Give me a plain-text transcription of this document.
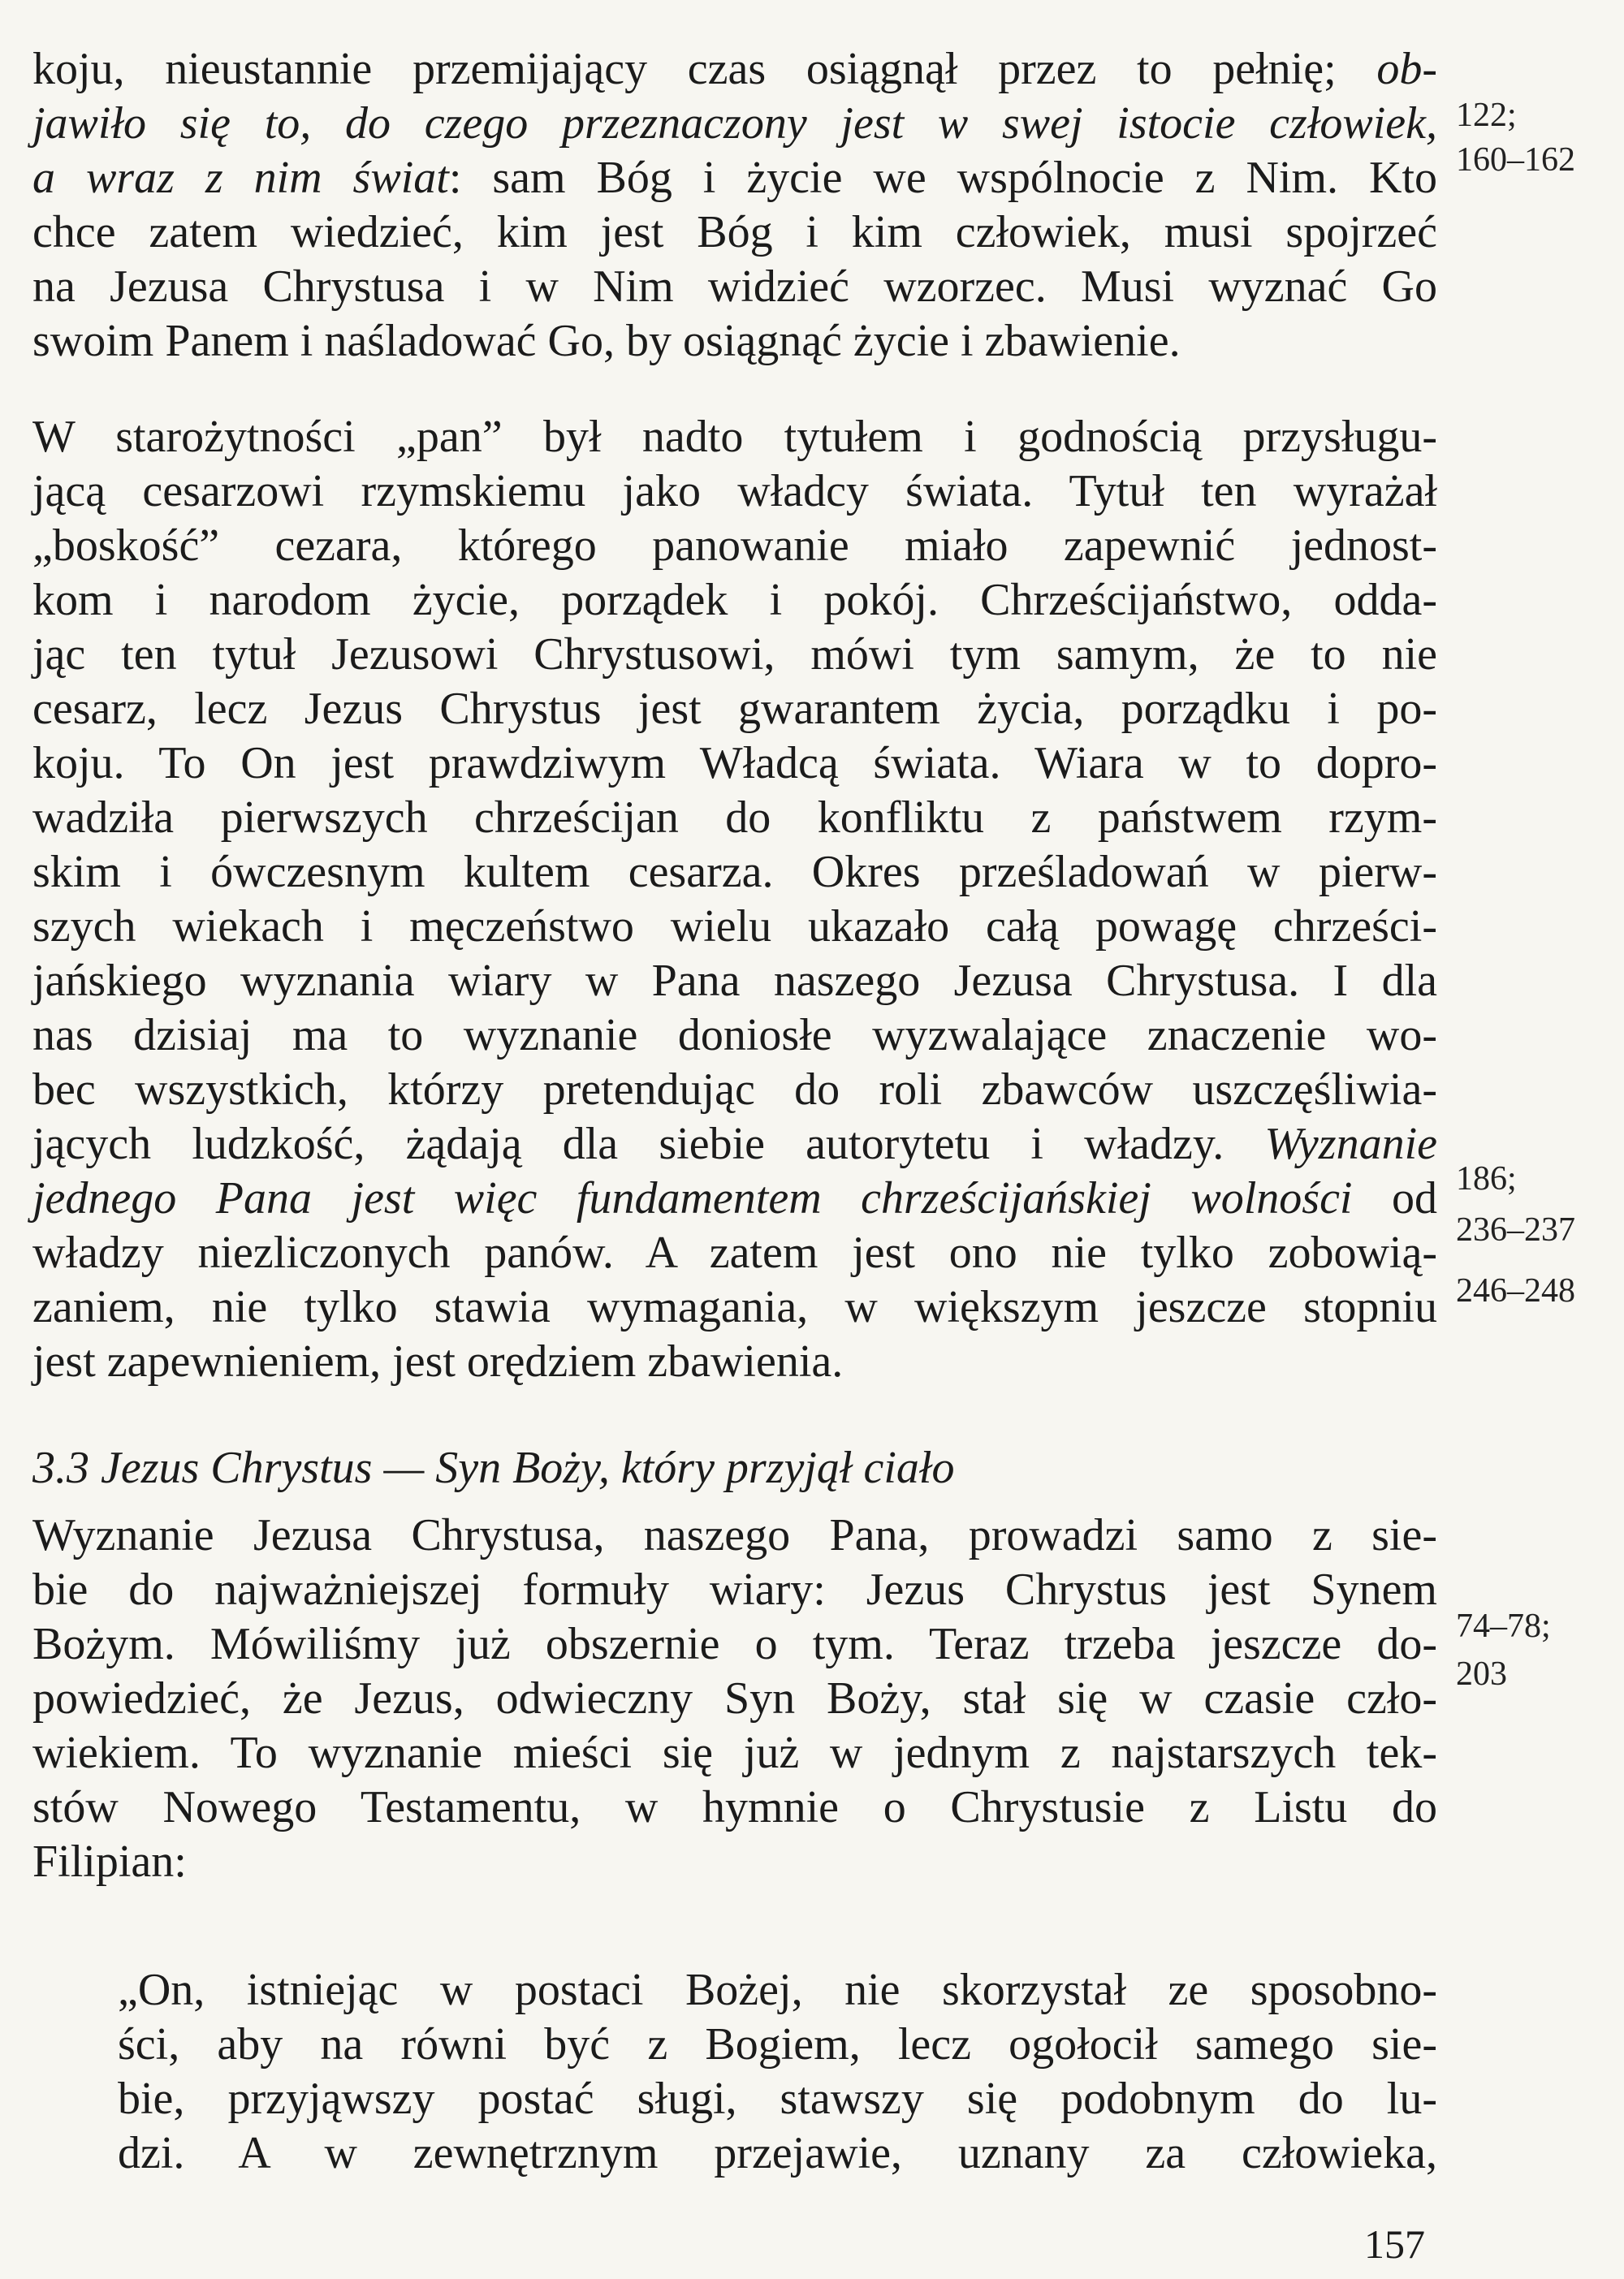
koju, nieustannie przemijający czas osiągnął przez to pełnię; ob-
jawiło się to, do czego przeznaczony jest w swej istocie człowiek,
a wraz z nim świat: sam Bóg i życie we wspólnocie z Nim. Kto
chce zatem wiedzieć, kim jest Bóg i kim człowiek, musi spojrzeć
na Jezusa Chrystusa i w Nim widzieć wzorzec. Musi wyznać Go
swoim Panem i naśladować Go, by osiągnąć życie i zbawienie.
W starożytności „pan” był nadto tytułem i godnością przysługu-
jącą cesarzowi rzymskiemu jako władcy świata. Tytuł ten wyrażał
„boskość” cezara, którego panowanie miało zapewnić jednost-
kom i narodom życie, porządek i pokój. Chrześcijaństwo, odda-
jąc ten tytuł Jezusowi Chrystusowi, mówi tym samym, że to nie
cesarz, lecz Jezus Chrystus jest gwarantem życia, porządku i po-
koju. To On jest prawdziwym Władcą świata. Wiara w to dopro-
wadziła pierwszych chrześcijan do konfliktu z państwem rzym-
skim i ówczesnym kultem cesarza. Okres prześladowań w pierw-
szych wiekach i męczeństwo wielu ukazało całą powagę chrześci-
jańskiego wyznania wiary w Pana naszego Jezusa Chrystusa. I dla
nas dzisiaj ma to wyznanie doniosłe wyzwalające znaczenie wo-
bec wszystkich, którzy pretendując do roli zbawców uszczęśliwia-
jących ludzkość, żądają dla siebie autorytetu i władzy. Wyznanie
jednego Pana jest więc fundamentem chrześcijańskiej wolności od
władzy niezliczonych panów. A zatem jest ono nie tylko zobowią-
zaniem, nie tylko stawia wymagania, w większym jeszcze stopniu
jest zapewnieniem, jest orędziem zbawienia.
3.3 Jezus Chrystus — Syn Boży, który przyjął ciało
Wyznanie Jezusa Chrystusa, naszego Pana, prowadzi samo z sie-
bie do najważniejszej formuły wiary: Jezus Chrystus jest Synem
Bożym. Mówiliśmy już obszernie o tym. Teraz trzeba jeszcze do-
powiedzieć, że Jezus, odwieczny Syn Boży, stał się w czasie czło-
wiekiem. To wyznanie mieści się już w jednym z najstarszych tek-
stów Nowego Testamentu, w hymnie o Chrystusie z Listu do
Filipian:
„On, istniejąc w postaci Bożej, nie skorzystał ze sposobno-
ści, aby na równi być z Bogiem, lecz ogołocił samego sie-
bie, przyjąwszy postać sługi, stawszy się podobnym do lu-
dzi. A w zewnętrznym przejawie, uznany za człowieka,
122;
160–162
186;
236–237
246–248
74–78;
203
157
